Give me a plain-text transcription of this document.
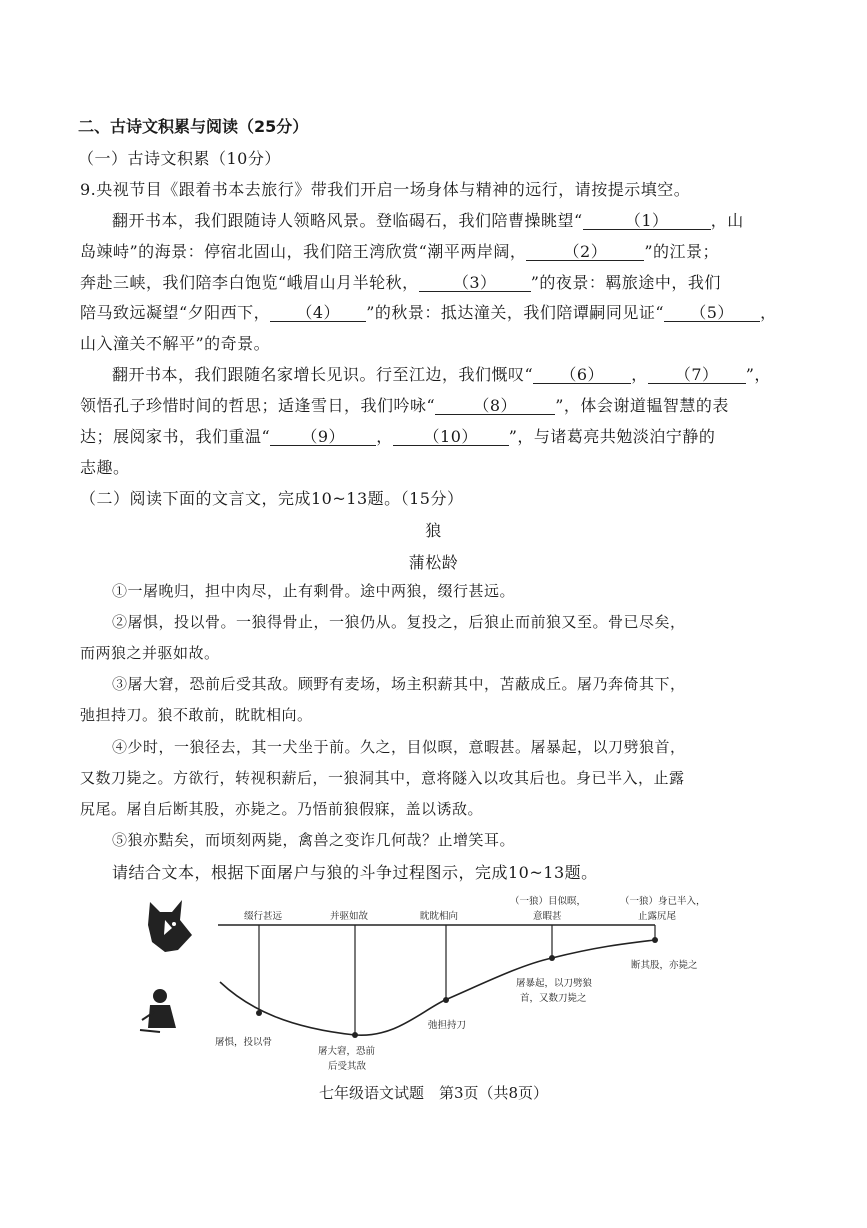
二、古诗文积累与阅读（25分）
（一）古诗文积累（10分）
9.央视节目《跟着书本去旅行》带我们开启一场身体与精神的远行，请按提示填空。
翻开书本，我们跟随诗人领略风景。登临碣石，我们陪曹操眺望“	（1）	，山
岛竦峙”的海景：停宿北固山，我们陪王湾欣赏“潮平两岸阔， （2） ”的江景；
奔赴三峡，我们陪李白饱览“峨眉山月半轮秋， （3） ”的夜景：羁旅途中，我们
陪马致远凝望“夕阳西下， （4） ”的秋景：抵达潼关，我们陪谭嗣同见证“ （5） ，
山入潼关不解平”的奇景。
翻开书本，我们跟随名家增长见识。行至江边，我们慨叹“ （6） ， （7） ”，
领悟孔子珍惜时间的哲思；适逢雪日，我们吟咏“ （8） ”，体会谢道韫智慧的表
达；展阅家书，我们重温“ （9） ， （10） ”，与诸葛亮共勉淡泊宁静的
志趣。
（二）阅读下面的文言文，完成10~13题。（15分）
狼
蒲松龄
①一屠晚归，担中肉尽，止有剩骨。途中两狼，缀行甚远。
②屠惧，投以骨。一狼得骨止，一狼仍从。复投之，后狼止而前狼又至。骨已尽矣，
而两狼之并驱如故。
③屠大窘，恐前后受其敌。顾野有麦场，场主积薪其中，苫蔽成丘。屠乃奔倚其下，
弛担持刀。狼不敢前，眈眈相向。
④少时，一狼径去，其一犬坐于前。久之，目似暝，意暇甚。屠暴起，以刀劈狼首，
又数刀毙之。方欲行，转视积薪后，一狼洞其中，意将隧入以攻其后也。身已半入，止露
尻尾。屠自后断其股，亦毙之。乃悟前狼假寐，盖以诱敌。
⑤狼亦黠矣，而顷刻两毙，禽兽之变诈几何哉？止增笑耳。
请结合文本，根据下面屠户与狼的斗争过程图示，完成10~13题。
缀行甚远	并驱如故	眈眈相向
（一狼）目似暝，
意暇甚
（一狼）身已半入，
止露尻尾
断其股，亦毙之
屠惧，投以骨
屠大窘，恐前
后受其敌
弛担持刀
屠暴起，以刀劈狼
首，又数刀毙之
七年级语文试题　第3页（共8页）
